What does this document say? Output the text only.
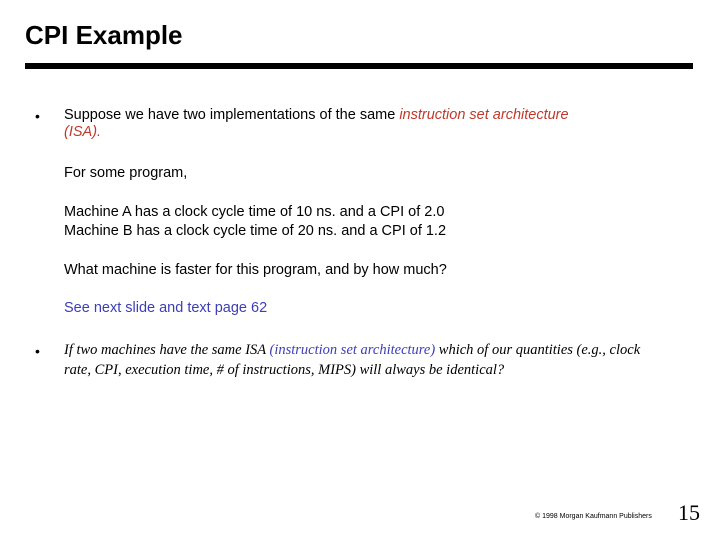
CPI Example
• Suppose we have two implementations of the same instruction set architecture (ISA).
For some program,
Machine A has a clock cycle time of 10 ns. and a CPI of 2.0
Machine B has a clock cycle time of 20 ns. and a CPI of 1.2
What machine is faster for this program, and by how much?
See next slide and text page 62
• If two machines have the same ISA (instruction set architecture) which of our quantities (e.g., clock rate, CPI, execution time, # of instructions, MIPS) will always be identical?
© 1998 Morgan Kaufmann Publishers 15
